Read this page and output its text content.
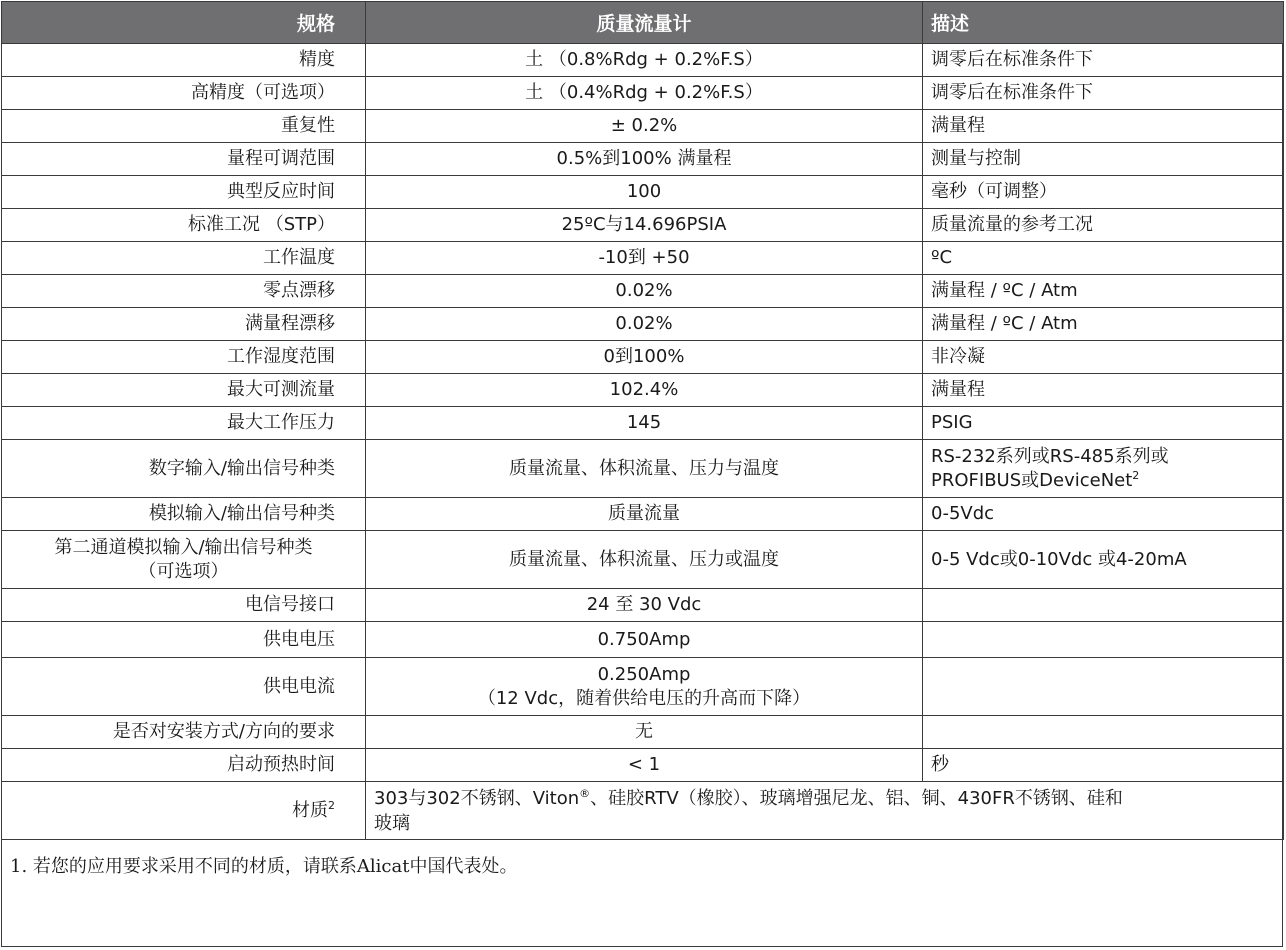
规格	质量流量计	描述
精度	土 （0.8%Rdg + 0.2%F.S）	调零后在标准条件下
高精度（可选项）	土 （0.4%Rdg + 0.2%F.S）	调零后在标准条件下
重复性	± 0.2%	满量程
量程可调范围	0.5%到100% 满量程	测量与控制
典型反应时间	100	毫秒（可调整）
标准工况 （STP）	25ºC与14.696PSIA	质量流量的参考工况
工作温度	-10到 +50	ºC
零点漂移	0.02%	满量程 / ºC / Atm
满量程漂移	0.02%	满量程 / ºC / Atm
工作湿度范围	0到100%	非冷凝
最大可测流量	102.4%	满量程
最大工作压力	145	PSIG
数字输入/输出信号种类	质量流量、体积流量、压力与温度	RS-232系列或RS-485系列或
PROFIBUS或DeviceNet$^2$
模拟输入/输出信号种类	质量流量	0-5Vdc
第二通道模拟输入/输出信号种类
（可选项）	质量流量、体积流量、压力或温度	0-5 Vdc或0-10Vdc 或4-20mA
电信号接口	24 至 30 Vdc	
供电电压	0.750Amp	
供电电流	0.250Amp
（12 Vdc，随着供给电压的升高而下降）	
是否对安装方式/方向的要求	无	
启动预热时间	< 1	秒
材质$^2$	303与302不锈钢、Viton®、硅胶RTV（橡胶）、玻璃增强尼龙、铝、铜、430FR不锈钢、硅和
玻璃	
1. 若您的应用要求采用不同的材质，请联系Alicat中国代表处。
